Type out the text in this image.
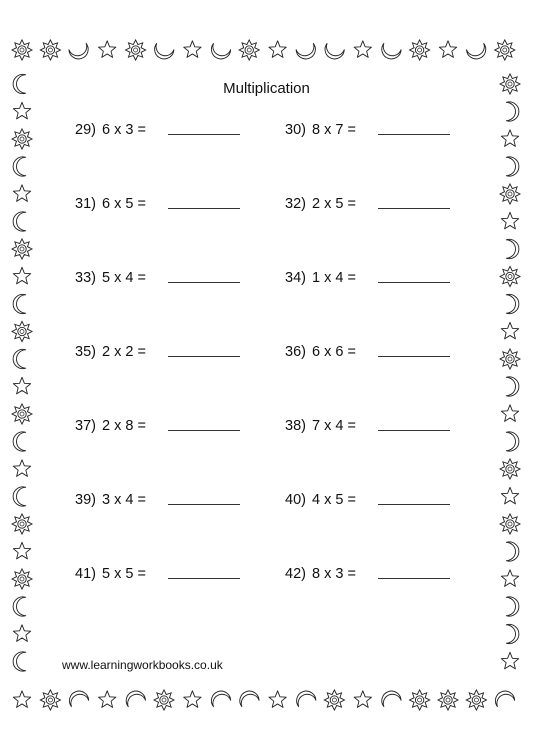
Multiplication
29) 6 x 3 =	30) 8 x 7 =
31) 6 x 5 =	32) 2 x 5 =
33) 5 x 4 =	34) 1 x 4 =
35) 2 x 2 =	36) 6 x 6 =
37) 2 x 8 =	38) 7 x 4 =
39) 3 x 4 =	40) 4 x 5 =
41) 5 x 5 =	42) 8 x 3 =
www.learningworkbooks.co.uk
